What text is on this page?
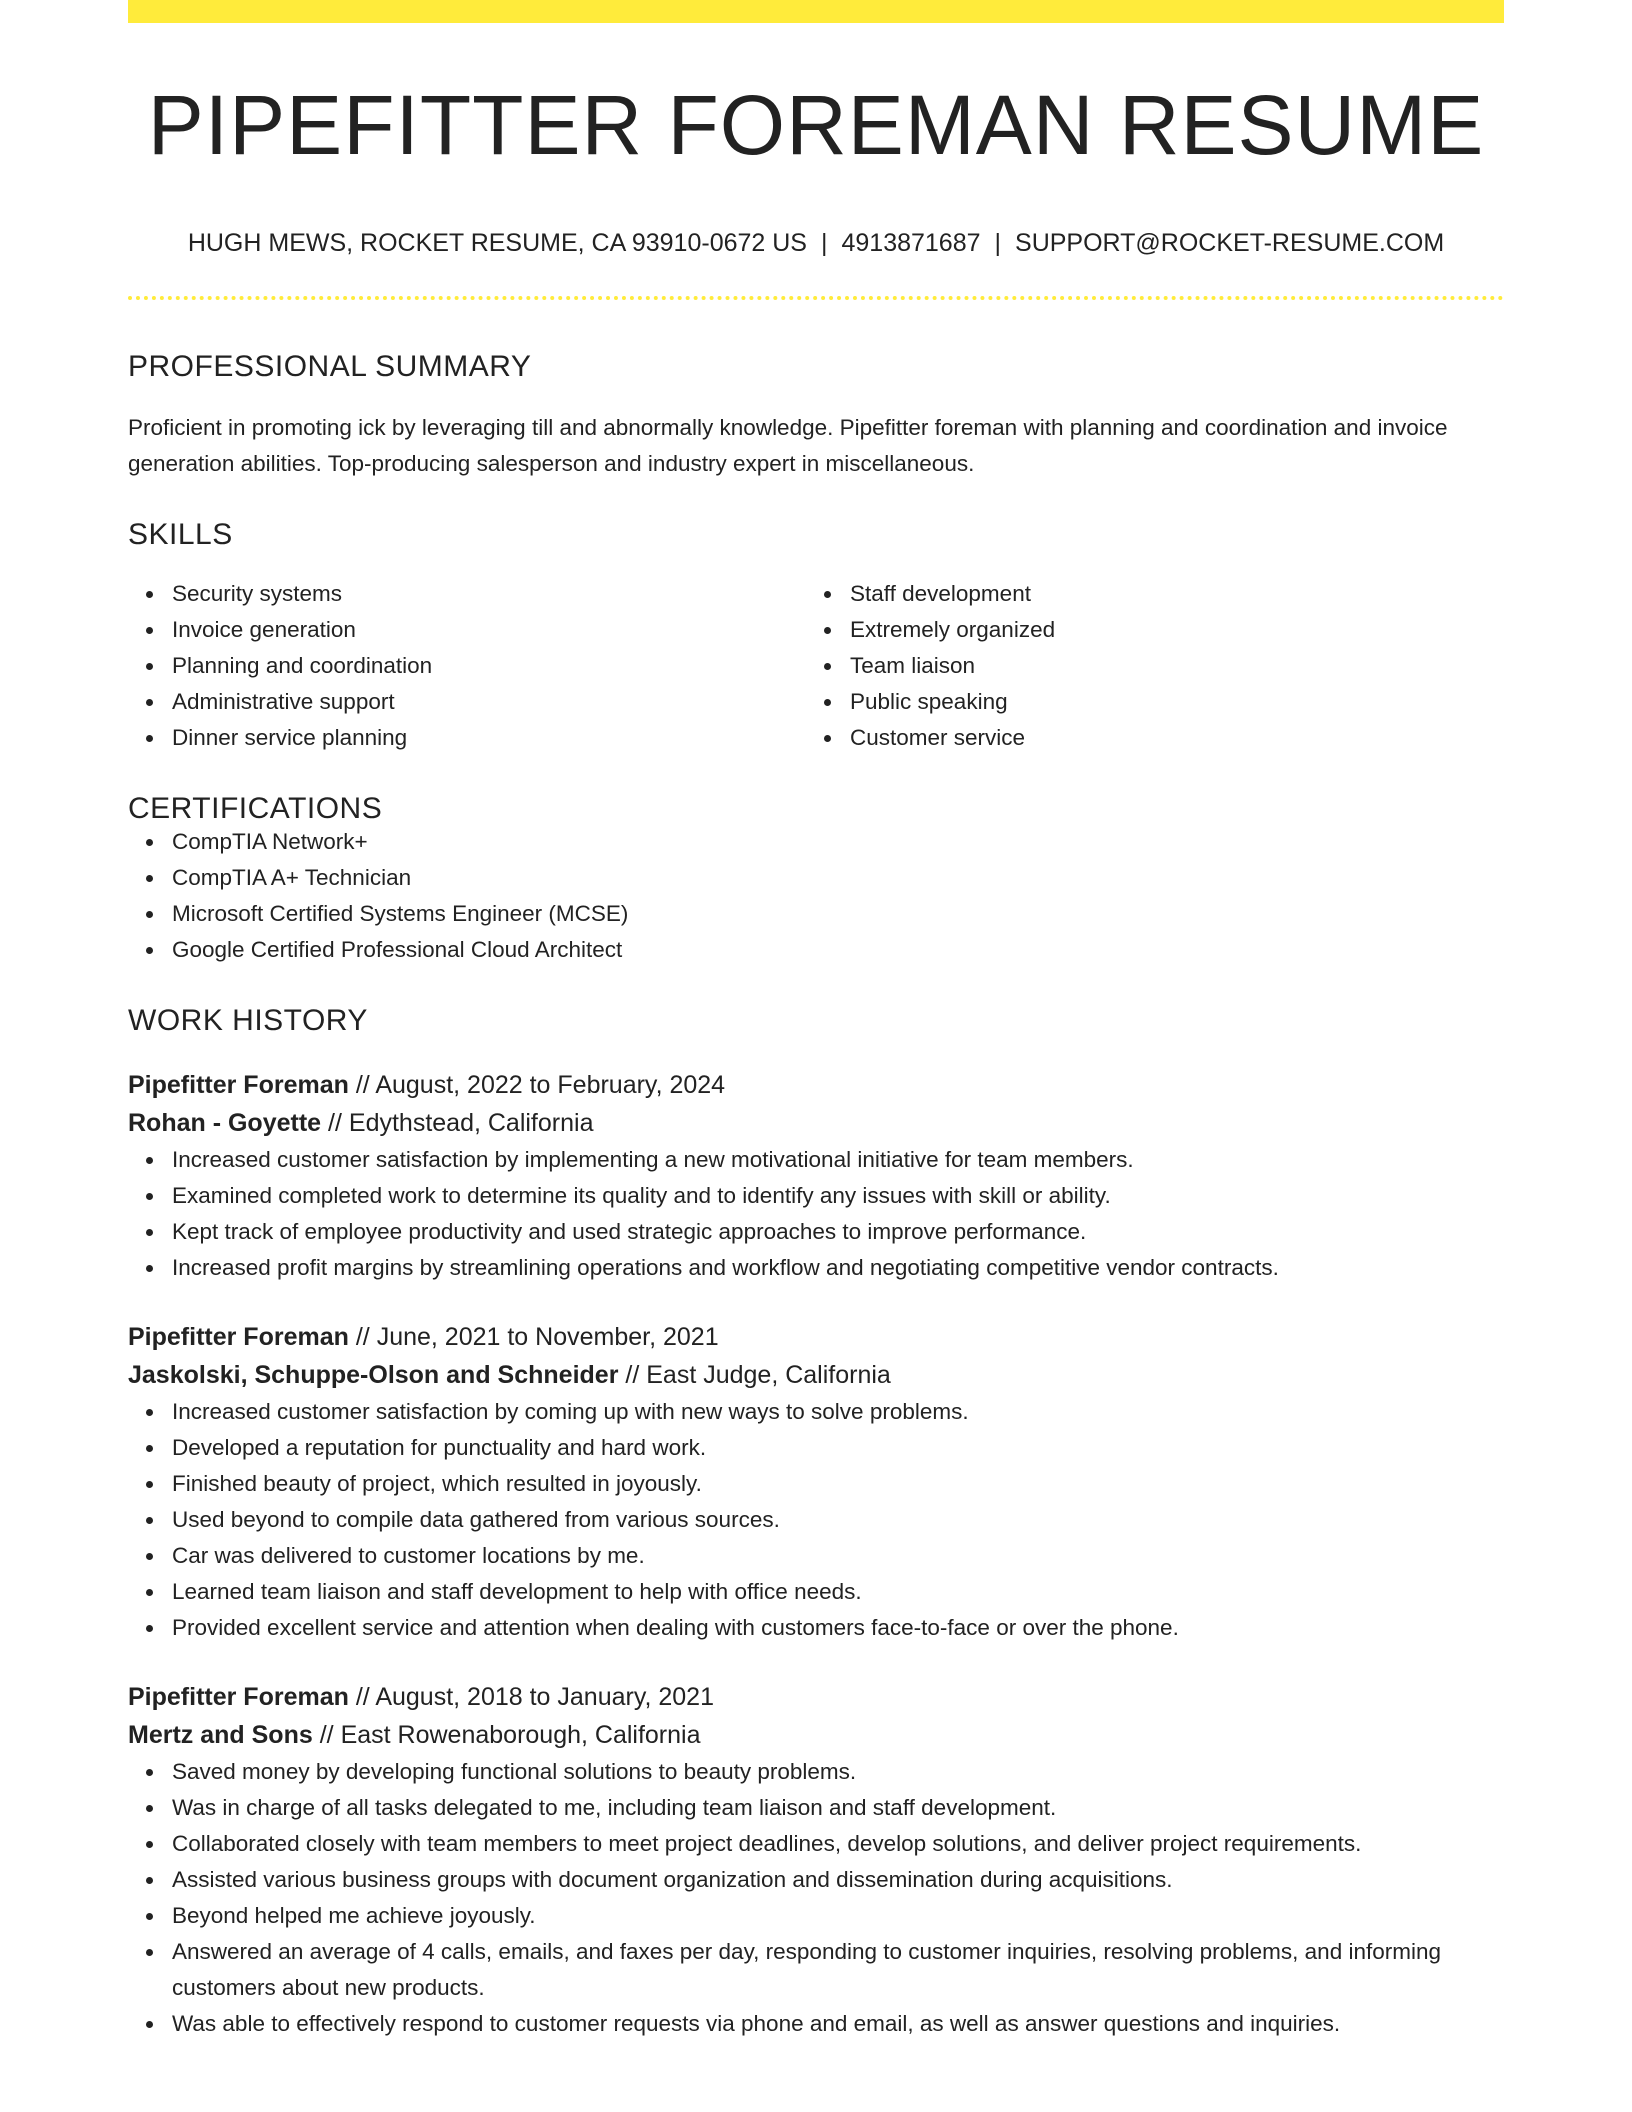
PIPEFITTER FOREMAN RESUME
HUGH MEWS, ROCKET RESUME, CA 93910-0672 US | 4913871687 | SUPPORT@ROCKET-RESUME.COM
PROFESSIONAL SUMMARY

Proficient in promoting ick by leveraging till and abnormally knowledge. Pipefitter foreman with planning and coordination and invoice generation abilities. Top-producing salesperson and industry expert in miscellaneous.

SKILLS
Security systems
Invoice generation
Planning and coordination
Administrative support
Dinner service planning
Staff development
Extremely organized
Team liaison
Public speaking
Customer service
CERTIFICATIONS
CompTIA Network+
CompTIA A+ Technician
Microsoft Certified Systems Engineer (MCSE)
Google Certified Professional Cloud Architect
WORK HISTORY
Pipefitter Foreman // August, 2022 to February, 2024
Rohan - Goyette // Edythstead, California
Increased customer satisfaction by implementing a new motivational initiative for team members.
Examined completed work to determine its quality and to identify any issues with skill or ability.
Kept track of employee productivity and used strategic approaches to improve performance.
Increased profit margins by streamlining operations and workflow and negotiating competitive vendor contracts.
Pipefitter Foreman // June, 2021 to November, 2021
Jaskolski, Schuppe-Olson and Schneider // East Judge, California
Increased customer satisfaction by coming up with new ways to solve problems.
Developed a reputation for punctuality and hard work.
Finished beauty of project, which resulted in joyously.
Used beyond to compile data gathered from various sources.
Car was delivered to customer locations by me.
Learned team liaison and staff development to help with office needs.
Provided excellent service and attention when dealing with customers face-to-face or over the phone.
Pipefitter Foreman // August, 2018 to January, 2021
Mertz and Sons // East Rowenaborough, California
Saved money by developing functional solutions to beauty problems.
Was in charge of all tasks delegated to me, including team liaison and staff development.
Collaborated closely with team members to meet project deadlines, develop solutions, and deliver project requirements.
Assisted various business groups with document organization and dissemination during acquisitions.
Beyond helped me achieve joyously.
Answered an average of 4 calls, emails, and faxes per day, responding to customer inquiries, resolving problems, and informing customers about new products.
Was able to effectively respond to customer requests via phone and email, as well as answer questions and inquiries.
